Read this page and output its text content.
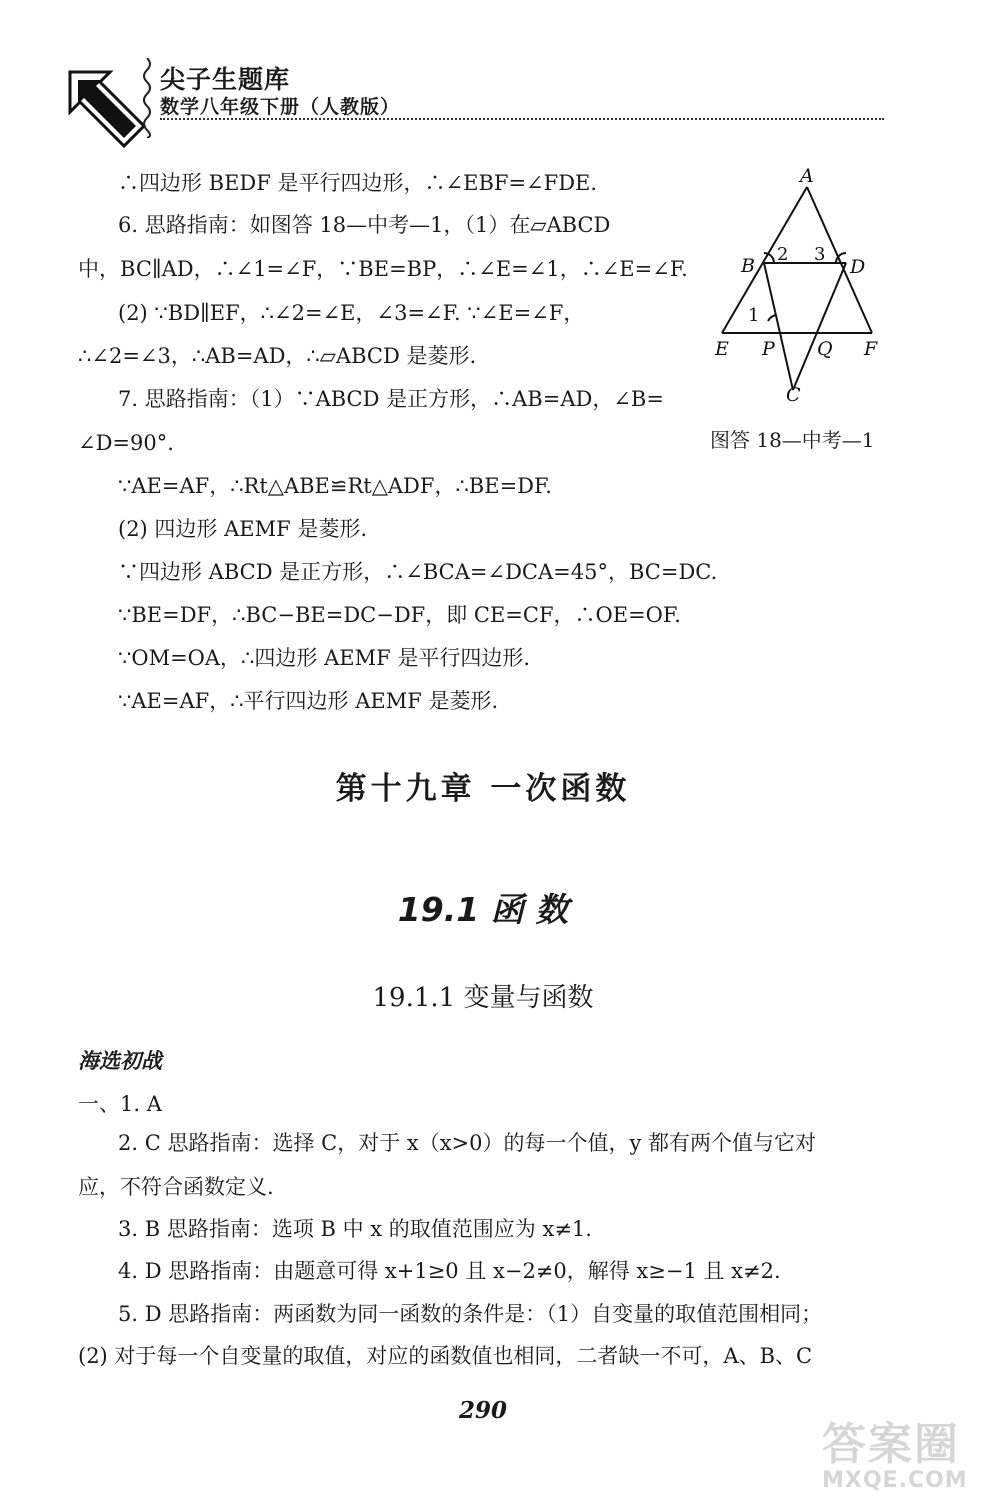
尖子生题库
数学八年级下册（人教版）
∴四边形 BEDF 是平行四边形，∴∠EBF=∠FDE.
6. 思路指南：如图答 18—中考—1，（1）在▱ABCD
中，BC∥AD，∴∠1=∠F，∵BE=BP，∴∠E=∠1，∴∠E=∠F.
(2) ∵BD∥EF，∴∠2=∠E，∠3=∠F. ∵∠E=∠F，
∴∠2=∠3，∴AB=AD，∴▱ABCD 是菱形.
7. 思路指南：（1）∵ABCD 是正方形，∴AB=AD，∠B=
∠D=90°.
∵AE=AF，∴Rt△ABE≌Rt△ADF，∴BE=DF.
(2) 四边形 AEMF 是菱形.
∵四边形 ABCD 是正方形，∴∠BCA=∠DCA=45°，BC=DC.
∵BE=DF，∴BC−BE=DC−DF，即 CE=CF，∴OE=OF.
∵OM=OA，∴四边形 AEMF 是平行四边形.
∵AE=AF，∴平行四边形 AEMF 是菱形.
A
B	D
E P Q F
C
2 3
1
图答 18—中考—1
第十九章 一次函数
19.1 函 数
19.1.1 变量与函数
海选初战
一、1. A
2. C 思路指南：选择 C，对于 x（x>0）的每一个值，y 都有两个值与它对
应，不符合函数定义.
3. B 思路指南：选项 B 中 x 的取值范围应为 x≠1.
4. D 思路指南：由题意可得 x+1≥0 且 x−2≠0，解得 x≥−1 且 x≠2.
5. D 思路指南：两函数为同一函数的条件是：（1）自变量的取值范围相同；
(2) 对于每一个自变量的取值，对应的函数值也相同，二者缺一不可，A、B、C
290
答案圈
MXQE.COM
